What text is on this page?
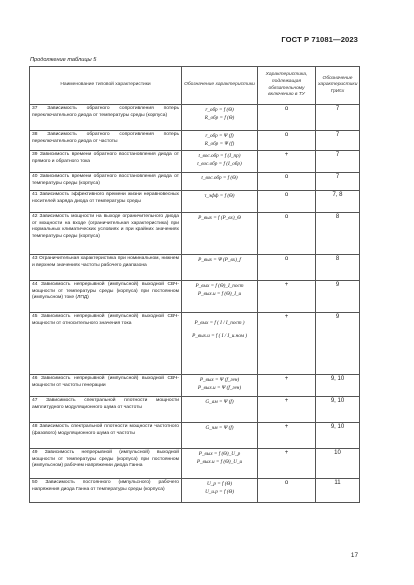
ГОСТ Р 71081—2023
Продолжение таблицы 5
Наименование типовой характеристики	Обозначение характеристики	Характеристика, подлежащая обязательному включению в ТУ	Обозначение характеристики ГрИсх
37 Зависимость обратного сопротивления потерь переключательного диода от температуры среды (корпуса)	r_обр = f (Θ)
R_обр = f (Θ)	о	7
38 Зависимость обратного сопротивления потерь переключательного диода от частоты	r_обр = Ψ (f)
R_обр = Ψ (f)	о	7
39 Зависимость времени обратного восстановления диода от прямого и обратного тока	t_вос.обр = f (I_пр)
t_вос.обр = f (I_обр)	+	7
40 Зависимость времени обратного восстановления диода от температуры среды (корпуса)	t_вос.обр = f (Θ)	о	7
41 Зависимость эффективного времени жизни неравновесных носителей заряда диода от температуры среды	τ_эфф = f (Θ)	о	7, 8
42 Зависимость мощности на выходе ограничительного диода от мощности на входе (ограничительная характеристика) при нормальных климатических условиях и при крайних значениях температуры среды (корпуса)	P_вых = f (P_вх)_Θ	о	8
43 Ограничительная характеристика при номинальном, нижнем и верхнем значениях частоты рабочего диапазона	P_вых = Ψ (P_вх)_f	о	8
44 Зависимость непрерывной (импульсной) выходной СВЧ-мощности от температуры среды (корпуса) при постоянном (импульсном) токе (ЛПД)	P_вых = f (Θ)_I_пост
P_вых.и = f (Θ)_I_и	+	9
45 Зависимость непрерывной (импульсной) выходной СВЧ-мощности от относительного значения тока	P_вых = f ( I / I_пост )
P_вых.и = f ( I / I_и.ном )	+	9
46 Зависимость непрерывной (импульсной) выходной СВЧ-мощности от частоты генерации	P_вых = Ψ (f_ген)
P_вых.и = Ψ (f_ген)	+	9, 10
47 Зависимость спектральной плотности мощности амплитудного модуляционного шума от частоты	G_ам = Ψ (f)	+	9, 10
48 Зависимость спектральной плотности мощности частотного (фазового) модуляционного шума от частоты	G_чм = Ψ (f)	+	9, 10
49 Зависимость непрерывной (импульсной) выходной мощности от температуры среды (корпуса) при постоянном (импульсном) рабочем напряжении диода Ганна	P_вых = f (Θ)_U_р
P_вых.и = f (Θ)_U_и	+	10
50 Зависимость постоянного (импульсного) рабочего напряжения диода Ганна от температуры среды (корпуса)	U_р = f (Θ)
U_и.р = f (Θ)	о	11
17
